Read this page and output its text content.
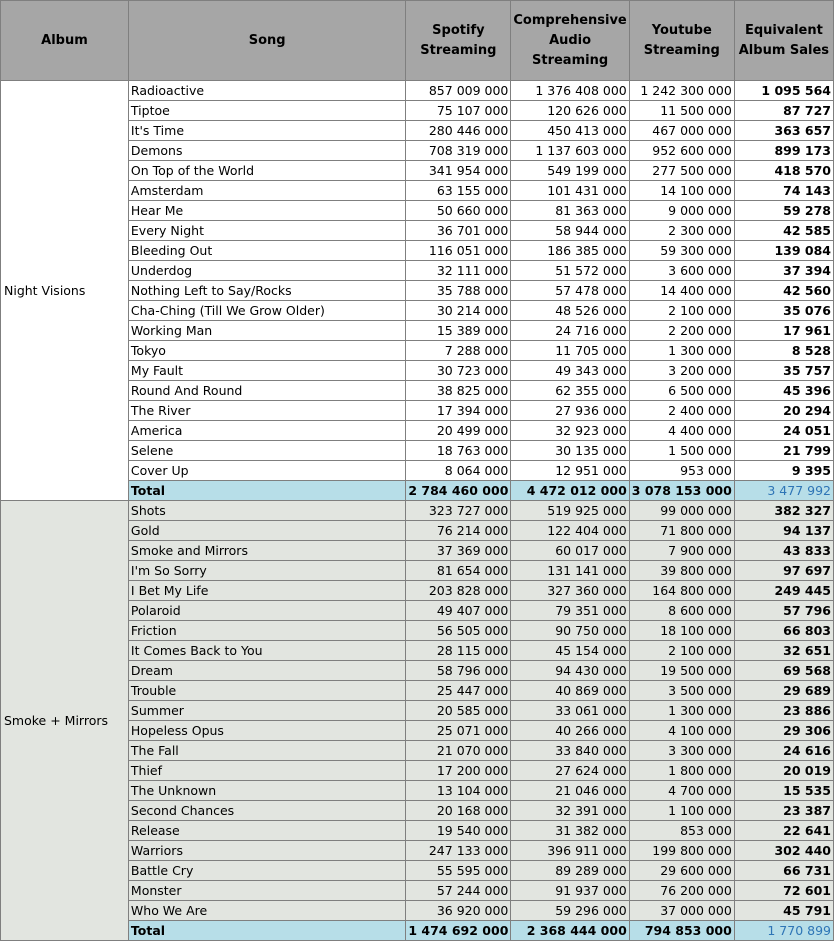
Album	Song	Spotify Streaming	Comprehensive Audio Streaming	Youtube Streaming	Equivalent Album Sales
Night Visions	Radioactive	857 009 000	1 376 408 000	1 242 300 000	1 095 564
	Tiptoe	75 107 000	120 626 000	11 500 000	87 727
	It's Time	280 446 000	450 413 000	467 000 000	363 657
	Demons	708 319 000	1 137 603 000	952 600 000	899 173
	On Top of the World	341 954 000	549 199 000	277 500 000	418 570
	Amsterdam	63 155 000	101 431 000	14 100 000	74 143
	Hear Me	50 660 000	81 363 000	9 000 000	59 278
	Every Night	36 701 000	58 944 000	2 300 000	42 585
	Bleeding Out	116 051 000	186 385 000	59 300 000	139 084
	Underdog	32 111 000	51 572 000	3 600 000	37 394
	Nothing Left to Say/Rocks	35 788 000	57 478 000	14 400 000	42 560
	Cha-Ching (Till We Grow Older)	30 214 000	48 526 000	2 100 000	35 076
	Working Man	15 389 000	24 716 000	2 200 000	17 961
	Tokyo	7 288 000	11 705 000	1 300 000	8 528
	My Fault	30 723 000	49 343 000	3 200 000	35 757
	Round And Round	38 825 000	62 355 000	6 500 000	45 396
	The River	17 394 000	27 936 000	2 400 000	20 294
	America	20 499 000	32 923 000	4 400 000	24 051
	Selene	18 763 000	30 135 000	1 500 000	21 799
	Cover Up	8 064 000	12 951 000	953 000	9 395
	Total	2 784 460 000	4 472 012 000	3 078 153 000	3 477 992
Smoke + Mirrors	Shots	323 727 000	519 925 000	99 000 000	382 327
	Gold	76 214 000	122 404 000	71 800 000	94 137
	Smoke and Mirrors	37 369 000	60 017 000	7 900 000	43 833
	I'm So Sorry	81 654 000	131 141 000	39 800 000	97 697
	I Bet My Life	203 828 000	327 360 000	164 800 000	249 445
	Polaroid	49 407 000	79 351 000	8 600 000	57 796
	Friction	56 505 000	90 750 000	18 100 000	66 803
	It Comes Back to You	28 115 000	45 154 000	2 100 000	32 651
	Dream	58 796 000	94 430 000	19 500 000	69 568
	Trouble	25 447 000	40 869 000	3 500 000	29 689
	Summer	20 585 000	33 061 000	1 300 000	23 886
	Hopeless Opus	25 071 000	40 266 000	4 100 000	29 306
	The Fall	21 070 000	33 840 000	3 300 000	24 616
	Thief	17 200 000	27 624 000	1 800 000	20 019
	The Unknown	13 104 000	21 046 000	4 700 000	15 535
	Second Chances	20 168 000	32 391 000	1 100 000	23 387
	Release	19 540 000	31 382 000	853 000	22 641
	Warriors	247 133 000	396 911 000	199 800 000	302 440
	Battle Cry	55 595 000	89 289 000	29 600 000	66 731
	Monster	57 244 000	91 937 000	76 200 000	72 601
	Who We Are	36 920 000	59 296 000	37 000 000	45 791
	Total	1 474 692 000	2 368 444 000	794 853 000	1 770 899
